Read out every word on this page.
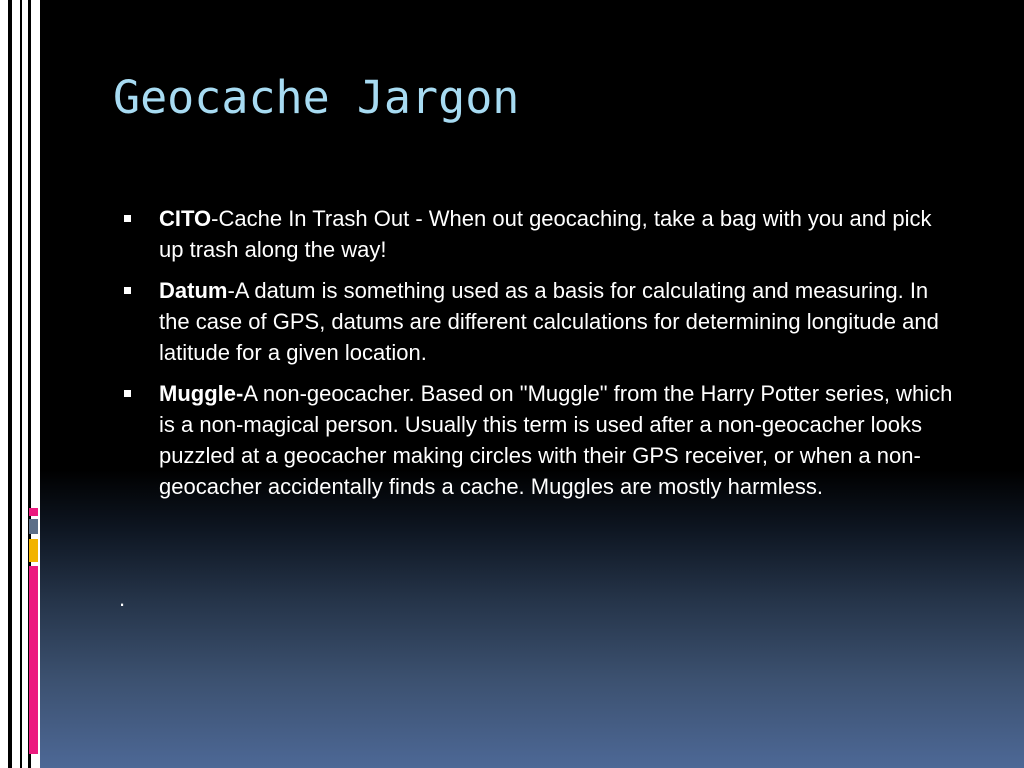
Geocache Jargon
CITO-Cache In Trash Out - When out geocaching, take a bag with you and pick up trash along the way!
Datum-A datum is something used as a basis for calculating and measuring. In the case of GPS, datums are different calculations for determining longitude and latitude for a given location.
Muggle-A non-geocacher. Based on "Muggle" from the Harry Potter series, which is a non-magical person. Usually this term is used after a non-geocacher looks puzzled at a geocacher making circles with their GPS receiver, or when a non-geocacher accidentally finds a cache. Muggles are mostly harmless.
.
